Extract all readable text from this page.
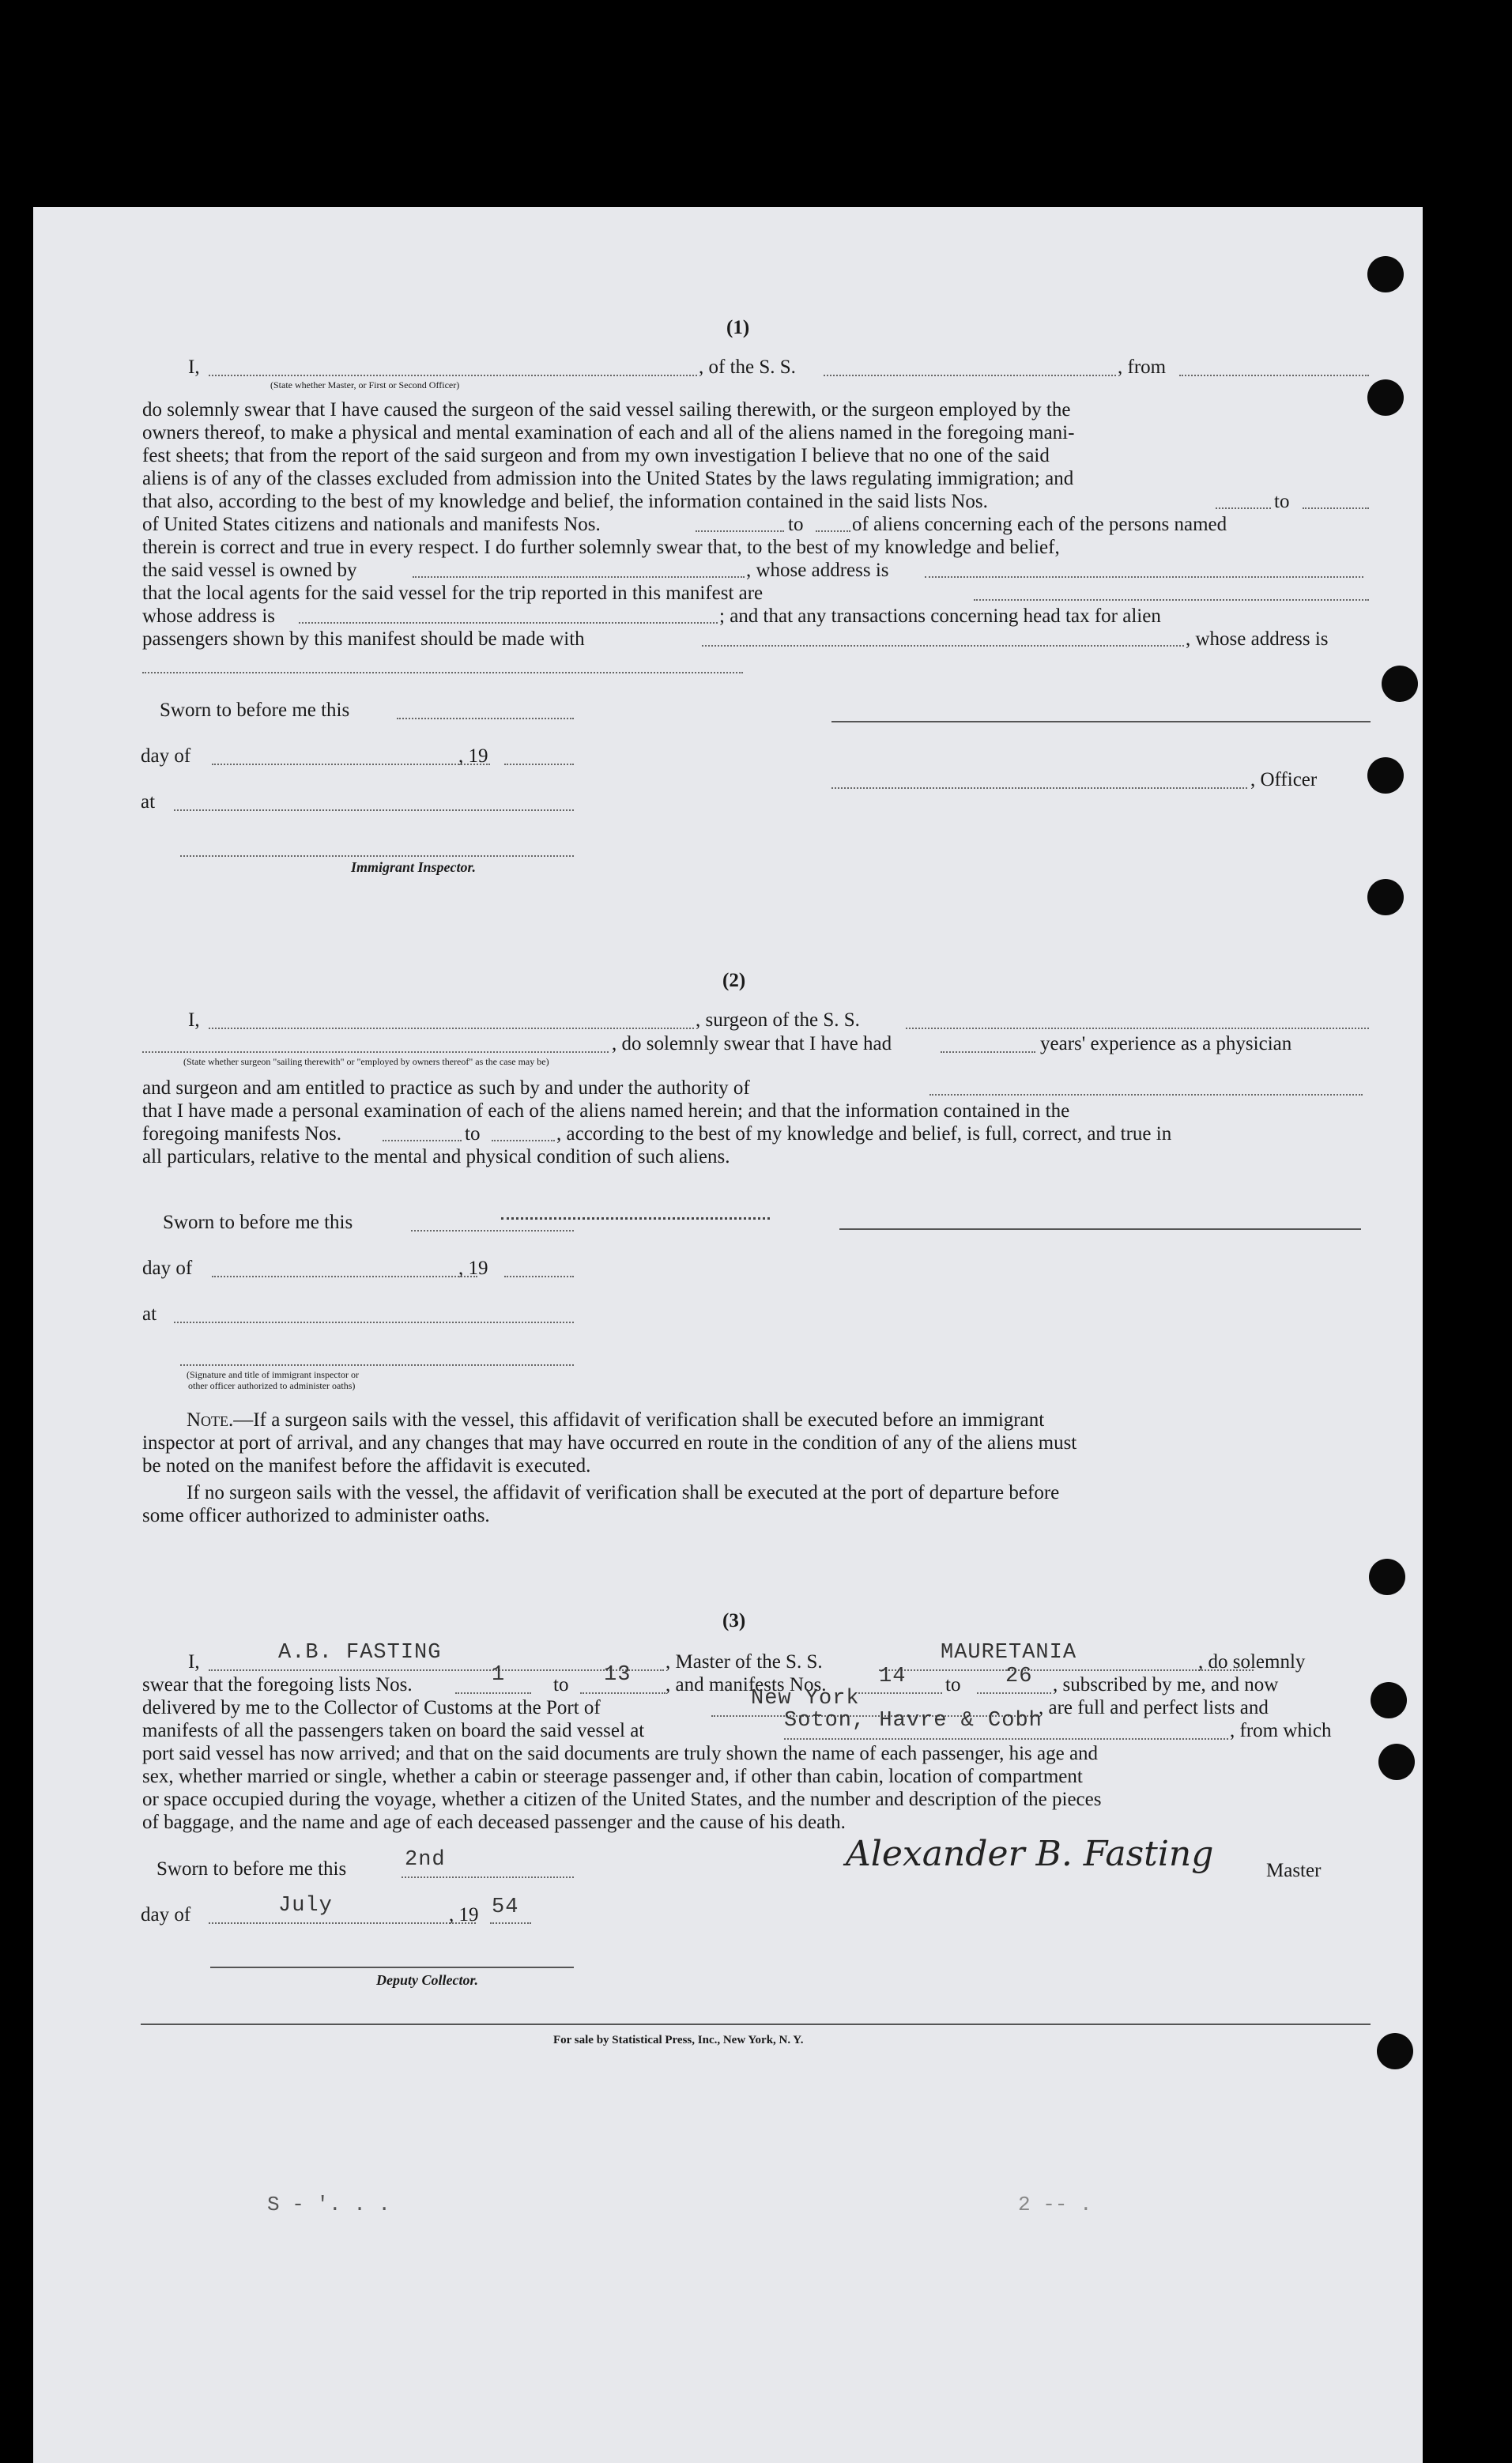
(1)
I,
(State whether Master, or First or Second Officer)
, of the S. S.	, from
do solemnly swear that I have caused the surgeon of the said vessel sailing therewith, or the surgeon employed by the
owners thereof, to make a physical and mental examination of each and all of the aliens named in the foregoing mani-
fest sheets; that from the report of the said surgeon and from my own investigation I believe that no one of the said
aliens is of any of the classes excluded from admission into the United States by the laws regulating immigration; and
that also, according to the best of my knowledge and belief, the information contained in the said lists Nos.	to
of United States citizens and nationals and manifests Nos.	to of aliens concerning each of the persons named
therein is correct and true in every respect. I do further solemnly swear that, to the best of my knowledge and belief,
the said vessel is owned by	, whose address is
that the local agents for the said vessel for the trip reported in this manifest are
whose address is	; and that any transactions concerning head tax for alien
passengers shown by this manifest should be made with	, whose address is
Sworn to before me this
day of	, 19
, Officer
at
Immigrant Inspector.
(2)
I,	, surgeon of the S. S.
, do solemnly swear that I have had	years' experience as a physician
(State whether surgeon "sailing therewith" or "employed by owners thereof" as the case may be)
and surgeon and am entitled to practice as such by and under the authority of
that I have made a personal examination of each of the aliens named herein; and that the information contained in the
foregoing manifests Nos.	to	, according to the best of my knowledge and belief, is full, correct, and true in
all particulars, relative to the mental and physical condition of such aliens.
Sworn to before me this
day of	, 19
at
(Signature and title of immigrant inspector or
other officer authorized to administer oaths)
Note.—If a surgeon sails with the vessel, this affidavit of verification shall be executed before an immigrant
inspector at port of arrival, and any changes that may have occurred en route in the condition of any of the aliens must
be noted on the manifest before the affidavit is executed.
If no surgeon sails with the vessel, the affidavit of verification shall be executed at the port of departure before
some officer authorized to administer oaths.
(3)
I,	A.B. FASTING	, Master of the S. S.	MAURETANIA	, do solemnly
swear that the foregoing lists Nos.	1 to 13 , and manifests Nos. 14 to 26 , subscribed by me, and now
delivered by me to the Collector of Customs at the Port of	New York	, are full and perfect lists and
manifests of all the passengers taken on board the said vessel at	Soton, Havre & Cobh	, from which
port said vessel has now arrived; and that on the said documents are truly shown the name of each passenger, his age and
sex, whether married or single, whether a cabin or steerage passenger and, if other than cabin, location of compartment
or space occupied during the voyage, whether a citizen of the United States, and the number and description of the pieces
of baggage, and the name and age of each deceased passenger and the cause of his death.
Sworn to before me this	2nd	Alexander B. Fasting	Master
day of	July	, 19 54
Deputy Collector.
For sale by Statistical Press, Inc., New York, N. Y.
S - '. . .	2 -- .
